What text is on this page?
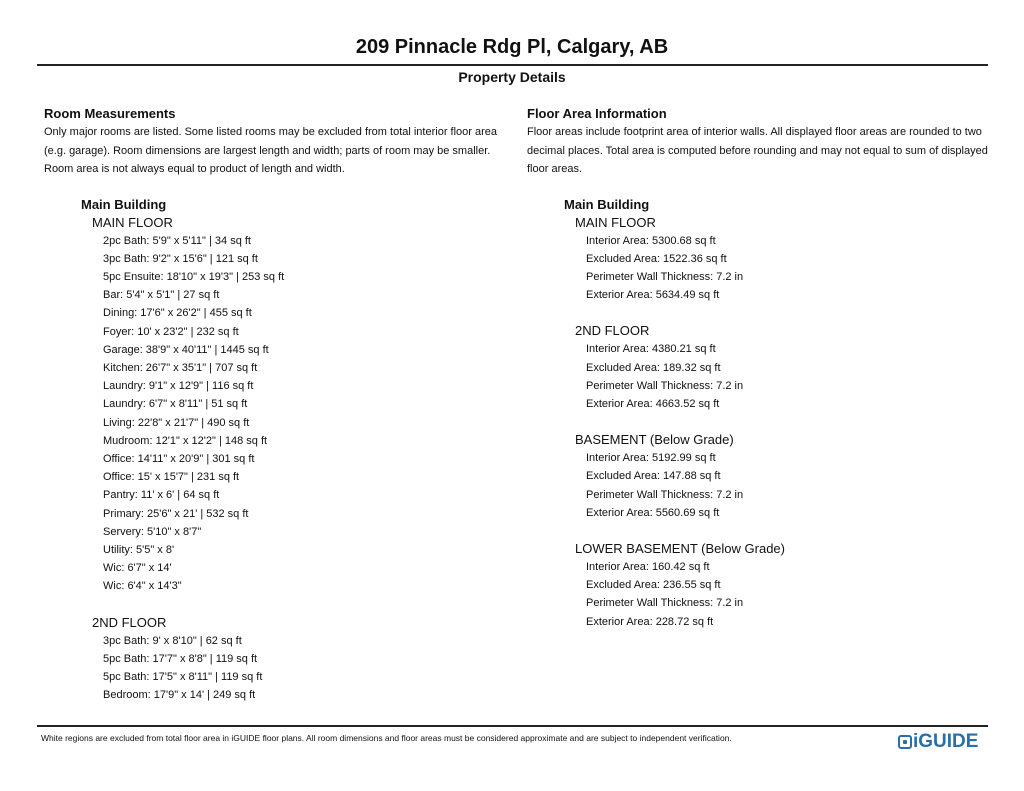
209 Pinnacle Rdg Pl, Calgary, AB
Property Details
Room Measurements

Only major rooms are listed. Some listed rooms may be excluded from total interior floor area
(e.g. garage). Room dimensions are largest length and width; parts of room may be smaller.
Room area is not always equal to product of length and width.

Main Building
MAIN FLOOR
2pc Bath: 5'9" x 5'11" | 34 sq ft
3pc Bath: 9'2" x 15'6" | 121 sq ft
5pc Ensuite: 18'10" x 19'3" | 253 sq ft
Bar: 5'4" x 5'1" | 27 sq ft
Dining: 17'6" x 26'2" | 455 sq ft
Foyer: 10' x 23'2" | 232 sq ft
Garage: 38'9" x 40'11" | 1445 sq ft
Kitchen: 26'7" x 35'1" | 707 sq ft
Laundry: 9'1" x 12'9" | 116 sq ft
Laundry: 6'7" x 8'11" | 51 sq ft
Living: 22'8" x 21'7" | 490 sq ft
Mudroom: 12'1" x 12'2" | 148 sq ft
Office: 14'11" x 20'9" | 301 sq ft
Office: 15' x 15'7" | 231 sq ft
Pantry: 11' x 6' | 64 sq ft
Primary: 25'6" x 21' | 532 sq ft
Servery: 5'10" x 8'7"
Utility: 5'5" x 8'
Wic: 6'7" x 14'
Wic: 6'4" x 14'3"
2ND FLOOR
3pc Bath: 9' x 8'10" | 62 sq ft
5pc Bath: 17'7" x 8'8" | 119 sq ft
5pc Bath: 17'5" x 8'11" | 119 sq ft
Bedroom: 17'9" x 14' | 249 sq ft
Floor Area Information

Floor areas include footprint area of interior walls. All displayed floor areas are rounded to two
decimal places. Total area is computed before rounding and may not equal to sum of displayed
floor areas.

Main Building
MAIN FLOOR
Interior Area: 5300.68 sq ft
Excluded Area: 1522.36 sq ft
Perimeter Wall Thickness: 7.2 in
Exterior Area: 5634.49 sq ft
2ND FLOOR
Interior Area: 4380.21 sq ft
Excluded Area: 189.32 sq ft
Perimeter Wall Thickness: 7.2 in
Exterior Area: 4663.52 sq ft
BASEMENT (Below Grade)
Interior Area: 5192.99 sq ft
Excluded Area: 147.88 sq ft
Perimeter Wall Thickness: 7.2 in
Exterior Area: 5560.69 sq ft
LOWER BASEMENT (Below Grade)
Interior Area: 160.42 sq ft
Excluded Area: 236.55 sq ft
Perimeter Wall Thickness: 7.2 in
Exterior Area: 228.72 sq ft
White regions are excluded from total floor area in iGUIDE floor plans. All room dimensions and floor areas must be considered approximate and are subject to independent verification.	iGUIDE
